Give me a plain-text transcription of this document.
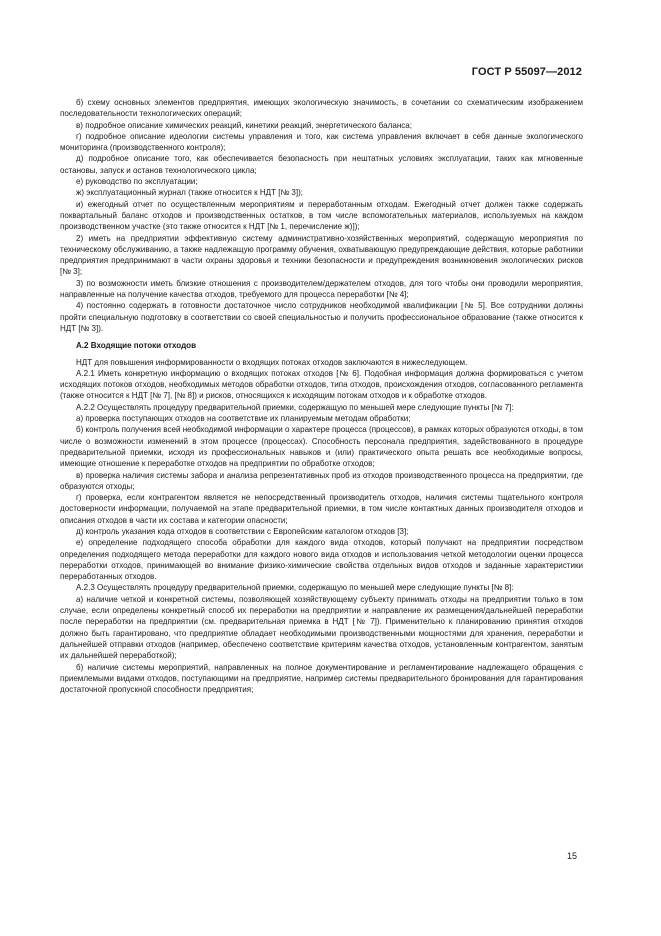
ГОСТ Р 55097—2012

б) схему основных элементов предприятия, имеющих экологическую значимость, в сочетании со схематическим изображением последовательности технологических операций;

в) подробное описание химических реакций, кинетики реакций, энергетического баланса;

г) подробное описание идеологии системы управления и того, как система управления включает в себя данные экологического мониторинга (производственного контроля);

д) подробное описание того, как обеспечивается безопасность при нештатных условиях эксплуатации, таких как мгновенные остановы, запуск и останов технологического цикла;

е) руководство по эксплуатации;

ж) эксплуатационный журнал (также относится к НДТ [№ 3]);

и) ежегодный отчет по осуществленным мероприятиям и переработанным отходам. Ежегодный отчет должен также содержать поквартальный баланс отходов и производственных остатков, в том числе вспомогательных материалов, используемых на каждом производственном участке (это также относится к НДТ [№ 1, перечисление ж)]);

2) иметь на предприятии эффективную систему административно-хозяйственных мероприятий, содержащую мероприятия по техническому обслуживанию, а также надлежащую программу обучения, охватывающую предупреждающие действия, которые работники предприятия предпринимают в части охраны здоровья и техники безопасности и предупреждения возникновения экологических рисков [№ 3];

3) по возможности иметь близкие отношения с производителем/держателем отходов, для того чтобы они проводили мероприятия, направленные на получение качества отходов, требуемого для процесса переработки [№ 4];

4) постоянно содержать в готовности достаточное число сотрудников необходимой квалификации [№ 5]. Все сотрудники должны пройти специальную подготовку в соответствии со своей специальностью и получить профессиональное образование (также относится к НДТ [№ 3]).

А.2 Входящие потоки отходов

НДТ для повышения информированности о входящих потоках отходов заключаются в нижеследующем.

А.2.1 Иметь конкретную информацию о входящих потоках отходов [№ 6]. Подобная информация должна формироваться с учетом исходящих потоков отходов, необходимых методов обработки отходов, типа отходов, происхождения отходов, согласованного регламента (также относится к НДТ [№ 7], [№ 8]) и рисков, относящихся к исходящим потокам отходов и к обработке отходов.

А.2.2 Осуществлять процедуру предварительной приемки, содержащую по меньшей мере следующие пункты [№ 7]:

а) проверка поступающих отходов на соответствие их планируемым методам обработки;

б) контроль получения всей необходимой информации о характере процесса (процессов), в рамках которых образуются отходы, в том числе о возможности изменений в этом процессе (процессах). Способность персонала предприятия, задействованного в процедуре предварительной приемки, исходя из профессиональных навыков и (или) практического опыта решать все необходимые вопросы, имеющие отношение к переработке отходов на предприятии по обработке отходов;

в) проверка наличия системы забора и анализа репрезентативных проб из отходов производственного процесса на предприятии, где образуются отходы;

г) проверка, если контрагентом является не непосредственный производитель отходов, наличия системы тщательного контроля достоверности информации, получаемой на этапе предварительной приемки, в том числе контактных данных производителя отходов и описания отходов в части их состава и категории опасности;

д) контроль указания кода отходов в соответствии с Европейским каталогом отходов [3];

е) определение подходящего способа обработки для каждого вида отходов, который получают на предприятии посредством определения подходящего метода переработки для каждого нового вида отходов и использования четкой методологии оценки процесса переработки отходов, принимающей во внимание физико-химические свойства отдельных видов отходов и заданные характеристики переработанных отходов.

А.2.3 Осуществлять процедуру предварительной приемки, содержащую по меньшей мере следующие пункты [№ 8]:

а) наличие четкой и конкретной системы, позволяющей хозяйствующему субъекту принимать отходы на предприятии только в том случае, если определены конкретный способ их переработки на предприятии и направление их размещения/дальнейшей переработки после переработки на предприятии (см. предварительная приемка в НДТ [№ 7]). Применительно к планированию принятия отходов должно быть гарантировано, что предприятие обладает необходимыми производственными мощностями для хранения, переработки и дальнейшей отправки отходов (например, обеспечено соответствие критериям качества отходов, установленным контрагентом, занятым их дальнейшей переработкой);

б) наличие системы мероприятий, направленных на полное документирование и регламентирование надлежащего обращения с приемлемыми видами отходов, поступающими на предприятие, например системы предварительного бронирования для гарантирования достаточной пропускной способности предприятия;

15
